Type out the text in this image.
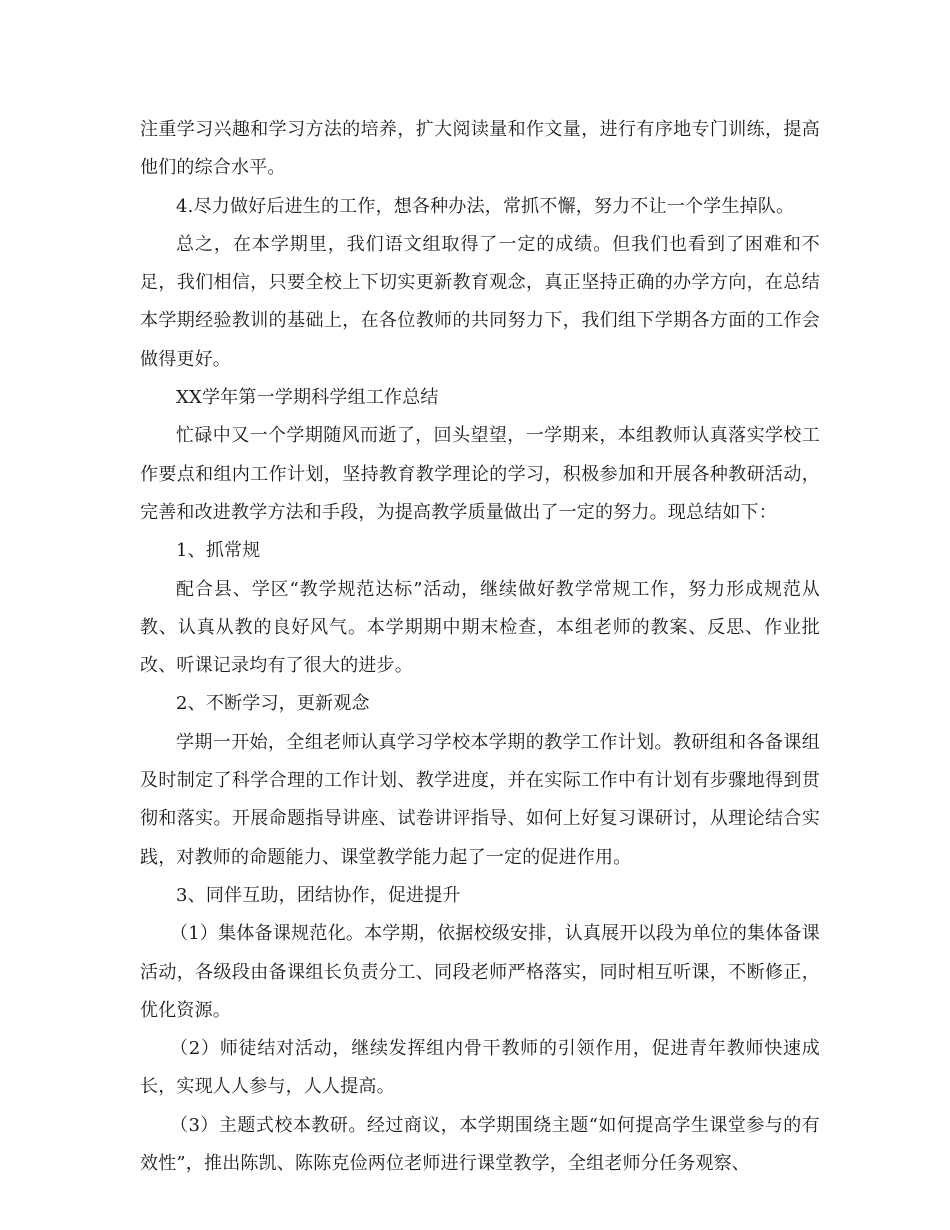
注重学习兴趣和学习方法的培养，扩大阅读量和作文量，进行有序地专门训练，提高他们的综合水平。

4.尽力做好后进生的工作，想各种办法，常抓不懈，努力不让一个学生掉队。

总之，在本学期里，我们语文组取得了一定的成绩。但我们也看到了困难和不足，我们相信，只要全校上下切实更新教育观念，真正坚持正确的办学方向，在总结本学期经验教训的基础上，在各位教师的共同努力下，我们组下学期各方面的工作会做得更好。

XX学年第一学期科学组工作总结

忙碌中又一个学期随风而逝了，回头望望，一学期来，本组教师认真落实学校工作要点和组内工作计划，坚持教育教学理论的学习，积极参加和开展各种教研活动，完善和改进教学方法和手段，为提高教学质量做出了一定的努力。现总结如下：

1、抓常规

配合县、学区“教学规范达标”活动，继续做好教学常规工作，努力形成规范从教、认真从教的良好风气。本学期期中期末检查，本组老师的教案、反思、作业批改、听课记录均有了很大的进步。

2、不断学习，更新观念

学期一开始，全组老师认真学习学校本学期的教学工作计划。教研组和各备课组及时制定了科学合理的工作计划、教学进度，并在实际工作中有计划有步骤地得到贯彻和落实。开展命题指导讲座、试卷讲评指导、如何上好复习课研讨，从理论结合实践，对教师的命题能力、课堂教学能力起了一定的促进作用。

3、同伴互助，团结协作，促进提升

（1）集体备课规范化。本学期，依据校级安排，认真展开以段为单位的集体备课活动，各级段由备课组长负责分工、同段老师严格落实，同时相互听课，不断修正，优化资源。

（2）师徒结对活动，继续发挥组内骨干教师的引领作用，促进青年教师快速成长，实现人人参与，人人提高。

（3）主题式校本教研。经过商议，本学期围绕主题“如何提高学生课堂参与的有效性”，推出陈凯、陈陈克俭两位老师进行课堂教学，全组老师分任务观察、
